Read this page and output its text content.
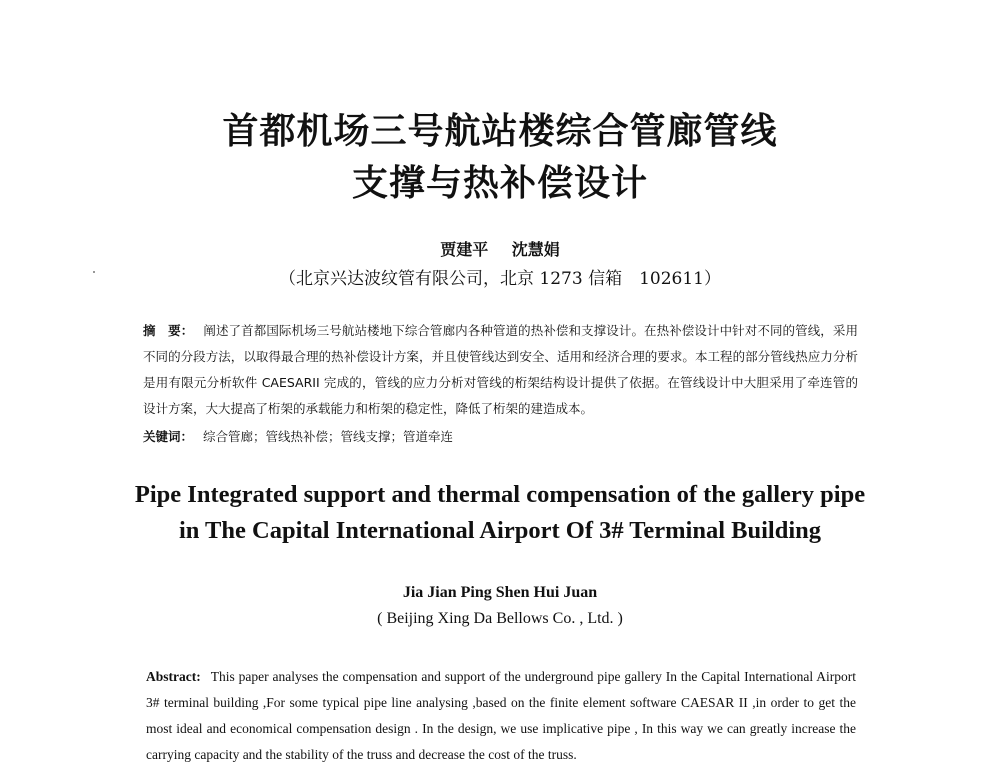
首都机场三号航站楼综合管廊管线
支撑与热补偿设计
贾建平 沈慧娟
（北京兴达波纹管有限公司，北京 1273 信箱　102611）
摘　要： 阐述了首都国际机场三号航站楼地下综合管廊内各种管道的热补偿和支撑设计。在热补偿设计中针对不同的管线，采用不同的分段方法，以取得最合理的热补偿设计方案，并且使管线达到安全、适用和经济合理的要求。本工程的部分管线热应力分析是用有限元分析软件 CAESARII 完成的，管线的应力分析对管线的桁架结构设计提供了依据。在管线设计中大胆采用了牵连管的设计方案，大大提高了桁架的承载能力和桁架的稳定性，降低了桁架的建造成本。
关键词： 综合管廊；管线热补偿；管线支撑；管道牵连
Pipe Integrated support and thermal compensation of the gallery pipe
in The Capital International Airport Of 3# Terminal Building
Jia Jian Ping Shen Hui Juan
( Beijing Xing Da Bellows Co. , Ltd. )
Abstract: This paper analyses the compensation and support of the underground pipe gallery In the Capital International Airport 3# terminal building ,For some typical pipe line analysing ,based on the finite element software CAESAR II ,in order to get the most ideal and economical compensation design . In the design, we use implicative pipe , In this way we can greatly increase the carrying capacity and the stability of the truss and decrease the cost of the truss.
